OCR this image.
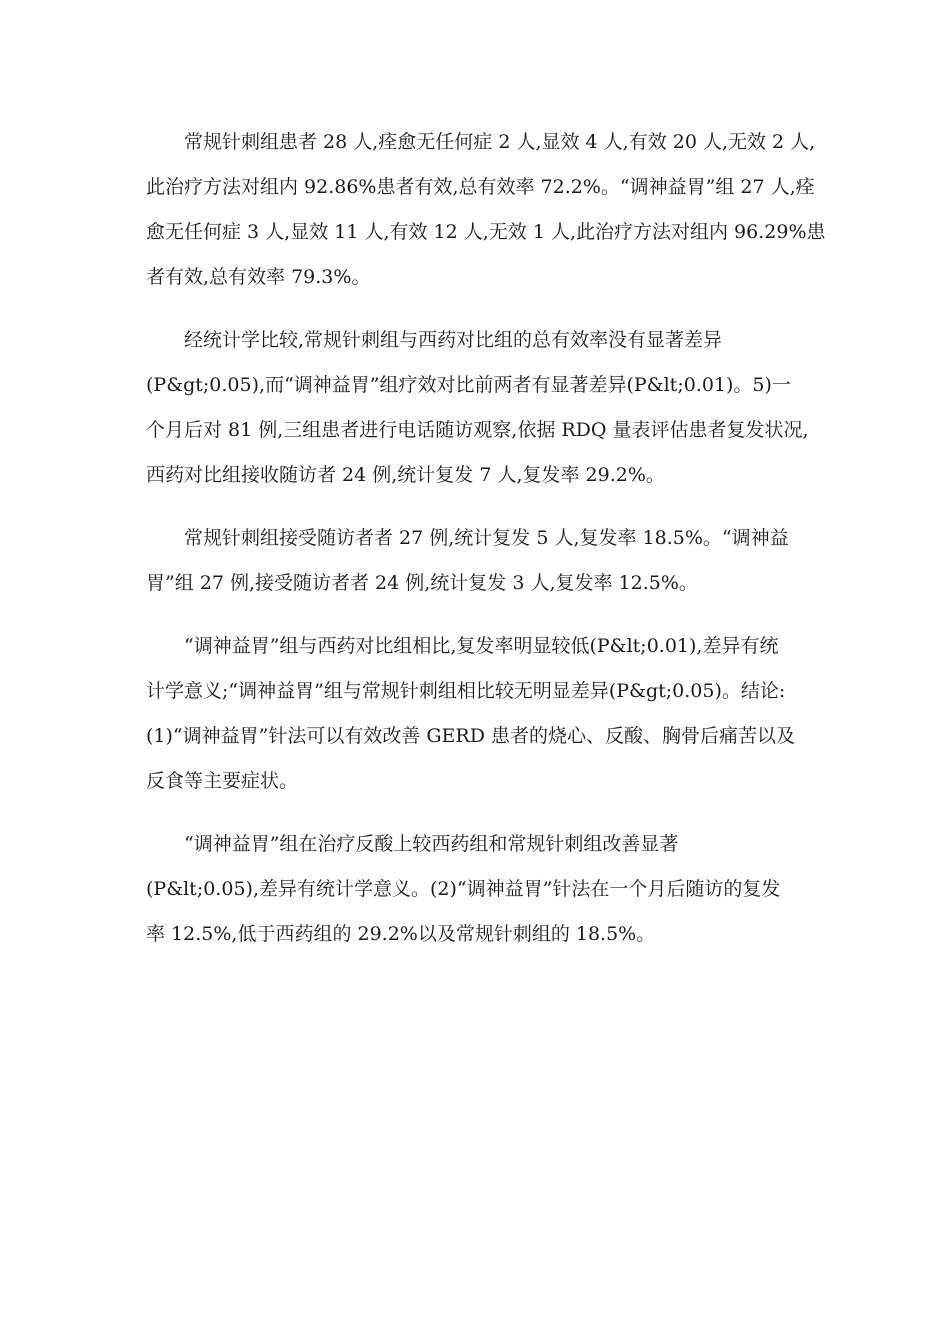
常规针刺组患者 28 人,痊愈无任何症 2 人,显效 4 人,有效 20 人,无效 2 人,
此治疗方法对组内 92.86%患者有效,总有效率 72.2%。“调神益胃”组 27 人,痊
愈无任何症 3 人,显效 11 人,有效 12 人,无效 1 人,此治疗方法对组内 96.29%患
者有效,总有效率 79.3%。
经统计学比较,常规针刺组与西药对比组的总有效率没有显著差异
(P&gt;0.05),而“调神益胃”组疗效对比前两者有显著差异(P&lt;0.01)。5)一
个月后对 81 例,三组患者进行电话随访观察,依据 RDQ 量表评估患者复发状况,
西药对比组接收随访者 24 例,统计复发 7 人,复发率 29.2%。
常规针刺组接受随访者者 27 例,统计复发 5 人,复发率 18.5%。“调神益
胃”组 27 例,接受随访者者 24 例,统计复发 3 人,复发率 12.5%。
“调神益胃”组与西药对比组相比,复发率明显较低(P&lt;0.01),差异有统
计学意义;“调神益胃”组与常规针刺组相比较无明显差异(P&gt;0.05)。结论:
(1)“调神益胃”针法可以有效改善 GERD 患者的烧心、反酸、胸骨后痛苦以及
反食等主要症状。
“调神益胃”组在治疗反酸上较西药组和常规针刺组改善显著
(P&lt;0.05),差异有统计学意义。(2)“调神益胃”针法在一个月后随访的复发
率 12.5%,低于西药组的 29.2%以及常规针刺组的 18.5%。
